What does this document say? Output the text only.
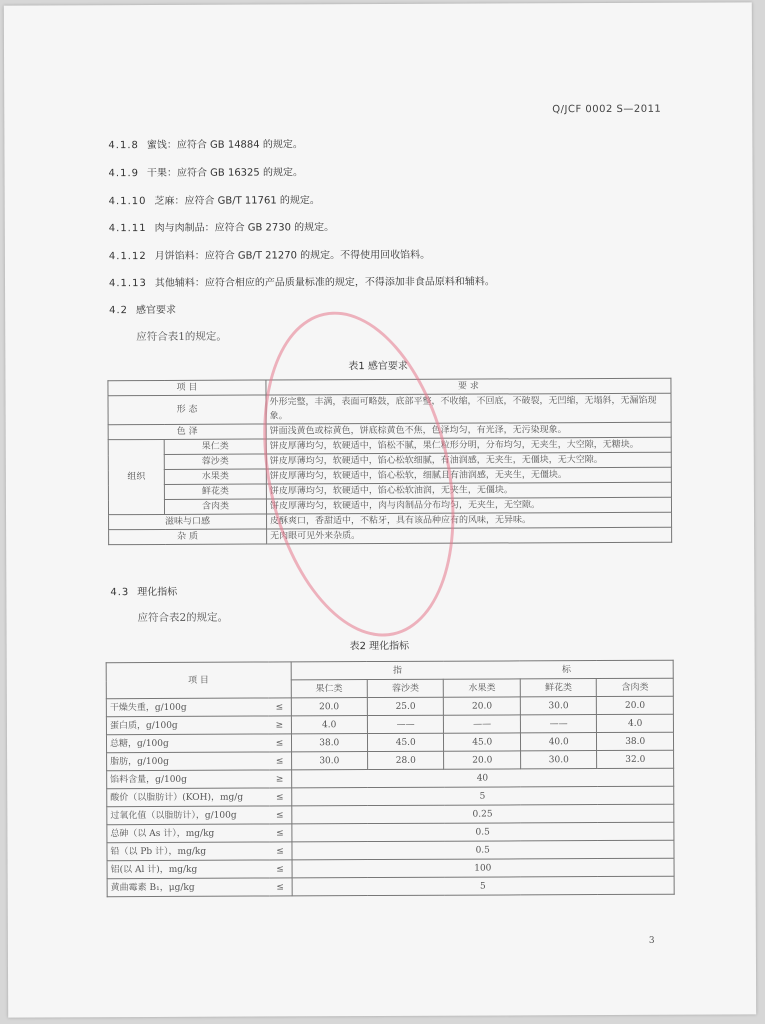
Q/JCF 0002 S—2011
4.1.8 蜜饯：应符合 GB 14884 的规定。
4.1.9 干果：应符合 GB 16325 的规定。
4.1.10 芝麻：应符合 GB/T 11761 的规定。
4.1.11 肉与肉制品：应符合 GB 2730 的规定。
4.1.12 月饼馅料：应符合 GB/T 21270 的规定。不得使用回收馅料。
4.1.13 其他辅料：应符合相应的产品质量标准的规定，不得添加非食品原料和辅料。
4.2 感官要求
应符合表1的规定。
表1 感官要求
项 目		要 求
形 态		外形完整，丰满，表面可略鼓，底部平整，不收缩，不回底，不破裂，无凹缩，无塌斜，无漏馅现象。
色 泽		饼面浅黄色或棕黄色，饼底棕黄色不焦，色泽均匀，有光泽，无污染现象。
组织	果仁类	饼皮厚薄均匀，软硬适中，馅松不腻，果仁粒形分明，分布均匀，无夹生，大空隙，无糖块。
	蓉沙类	饼皮厚薄均匀，软硬适中，馅心松软细腻，有油润感，无夹生，无僵块，无大空隙。
	水果类	饼皮厚薄均匀，软硬适中，馅心松软，细腻且有油润感，无夹生，无僵块。
	鲜花类	饼皮厚薄均匀，软硬适中，馅心松软油润，无夹生，无僵块。
	含肉类	饼皮厚薄均匀，软硬适中，肉与肉制品分布均匀，无夹生，无空隙。
滋味与口感		皮酥爽口，香甜适中，不粘牙，具有该品种应有的风味，无异味。
杂 质		无肉眼可见外来杂质。
4.3 理化指标
应符合表2的规定。
表2 理化指标
项 目		指 标				
		果仁类	蓉沙类	水果类	鲜花类	含肉类
干燥失重，g/100g	≤	20.0	25.0	20.0	30.0	20.0
蛋白质，g/100g	≥	4.0	——	——	——	4.0
总糖，g/100g	≤	38.0	45.0	45.0	40.0	38.0
脂肪，g/100g	≤	30.0	28.0	20.0	30.0	32.0
馅料含量，g/100g	≥	40				
酸价（以脂肪计）(KOH)，mg/g	≤	5				
过氧化值（以脂肪计），g/100g	≤	0.25				
总砷（以 As 计），mg/kg	≤	0.5				
铅（以 Pb 计），mg/kg	≤	0.5				
铝(以 Al 计)，mg/kg	≤	100				
黄曲霉素 B₁，μg/kg	≤	5				
3
